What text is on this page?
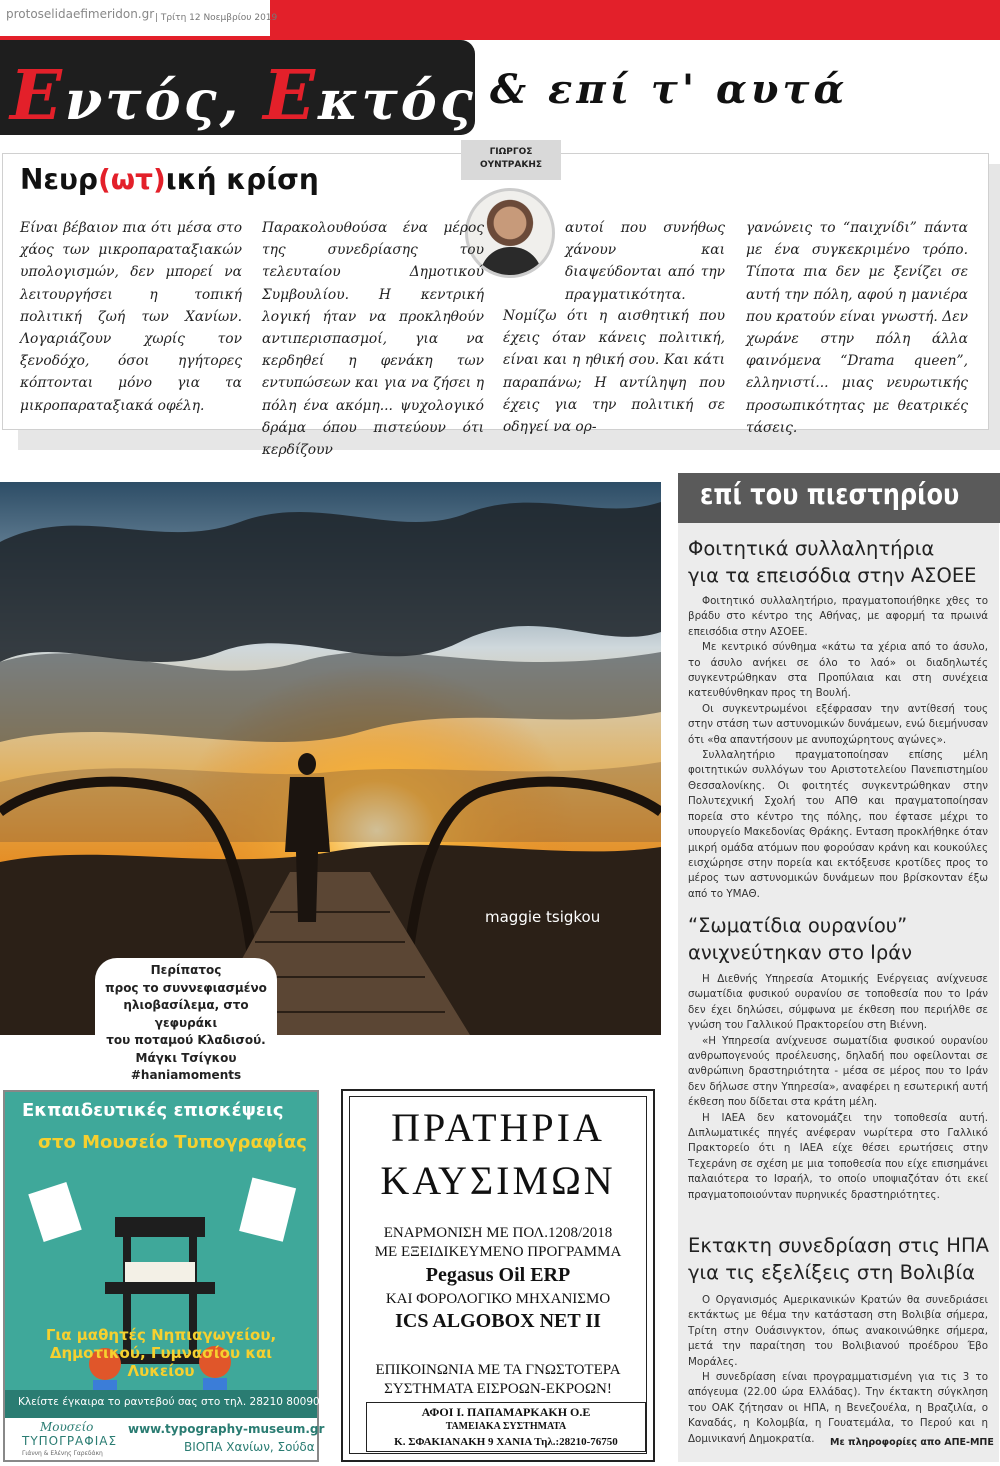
protoselidaefimeridon.gr | Τρίτη 12 Νοεμβρίου 2019
Εντός, Εκτός...
& επί τ' αυτά
Νευρ(ωτ)ική κρίση
ΓΙΩΡΓΟΣ
ΟΥΝΤΡΑΚΗΣ
Είναι βέβαιον πια ότι μέσα στο χάος των μικροπαραταξιακών υπολογισμών, δεν μπορεί να λειτουργήσει η τοπική πολιτική ζωή των Χανίων. Λογαριάζουν χωρίς τον ξενοδόχο, όσοι ηγήτορες κόπτονται μόνο για τα μικροπαραταξιακά οφέλη.
Παρακολουθούσα ένα μέρος της συνεδρίασης του τελευταίου Δημοτικού Συμβουλίου. Η κεντρική λογική ήταν να προκληθούν αντιπερισπασμοί, για να κερδηθεί η φενάκη των εντυπώσεων και για να ζήσει η πόλη ένα ακόμη... ψυχολογικό δράμα όπου πιστεύουν ότι κερδίζουν
αυτοί που συνήθως χάνουν και διαψεύδονται από την πραγματικότητα.
Νομίζω ότι η αισθητική που έχεις όταν κάνεις πολιτική, είναι και η ηθική σου. Και κάτι παραπάνω; Η αντίληψη που έχεις για την πολιτική σε οδηγεί να ορ-
γανώνεις το “παιχνίδι” πάντα με ένα συγκεκριμένο τρόπο. Τίποτα πια δεν με ξενίζει σε αυτή την πόλη, αφού η μανιέρα που κρατούν είναι γνωστή. Δεν χωράνε στην πόλη άλλα φαινόμενα “Drama queen”, ελληνιστί... μιας νευρωτικής προσωπικότητας με θεατρικές τάσεις.
maggie tsigkou
Περίπατος
προς το συννεφιασμένο
ηλιοβασίλεμα, στο γεφυράκι
του ποταμού Κλαδισού.
Μάγκι Τσίγκου
#haniamoments
επί του πιεστηρίου
Φοιτητικά συλλαλητήρια
για τα επεισόδια στην ΑΣΟΕΕ

Φοιτητικό συλλαλητήριο, πραγματοποιήθηκε χθες το βράδυ στο κέντρο της Αθήνας, με αφορμή τα πρωινά επεισόδια στην ΑΣΟΕΕ.

Με κεντρικό σύνθημα «κάτω τα χέρια από το άσυλο, το άσυλο ανήκει σε όλο το λαό» οι διαδηλωτές συγκεντρώθηκαν στα Προπύλαια και στη συνέχεια κατευθύνθηκαν προς τη Βουλή.

Οι συγκεντρωμένοι εξέφρασαν την αντίθεσή τους στην στάση των αστυνομικών δυνάμεων, ενώ διεμήνυσαν ότι «θα απαντήσουν με ανυποχώρητους αγώνες».

Συλλαλητήριο πραγματοποίησαν επίσης μέλη φοιτητικών συλλόγων του Αριστοτελείου Πανεπιστημίου Θεσσαλονίκης. Οι φοιτητές συγκεντρώθηκαν στην Πολυτεχνική Σχολή του ΑΠΘ και πραγματοποίησαν πορεία στο κέντρο της πόλης, που έφτασε μέχρι το υπουργείο Μακεδονίας Θράκης. Ενταση προκλήθηκε όταν μικρή ομάδα ατόμων που φορούσαν κράνη και κουκούλες εισχώρησε στην πορεία και εκτόξευσε κροτίδες προς το μέρος των αστυνομικών δυνάμεων που βρίσκονταν έξω από το ΥΜΑΘ.

“Σωματίδια ουρανίου”
ανιχνεύτηκαν στο Ιράν

Η Διεθνής Υπηρεσία Ατομικής Ενέργειας ανίχνευσε σωματίδια φυσικού ουρανίου σε τοποθεσία που το Ιράν δεν έχει δηλώσει, σύμφωνα με έκθεση που περιήλθε σε γνώση του Γαλλικού Πρακτορείου στη Βιέννη.

«Η Υπηρεσία ανίχνευσε σωματίδια φυσικού ουρανίου ανθρωπογενούς προέλευσης, δηλαδή που οφείλονται σε ανθρώπινη δραστηριότητα - μέσα σε μέρος που το Ιράν δεν δήλωσε στην Υπηρεσία», αναφέρει η εσωτερική αυτή έκθεση που δίδεται στα κράτη μέλη.

Η ΙΑΕΑ δεν κατονομάζει την τοποθεσία αυτή. Διπλωματικές πηγές ανέφεραν νωρίτερα στο Γαλλικό Πρακτορείο ότι η ΙΑΕΑ είχε θέσει ερωτήσεις στην Τεχεράνη σε σχέση με μια τοποθεσία που είχε επισημάνει παλαιότερα το Ισραήλ, το οποίο υποψιαζόταν ότι εκεί πραγματοποιούνταν πυρηνικές δραστηριότητες.

Εκτακτη συνεδρίαση στις ΗΠΑ
για τις εξελίξεις στη Βολιβία

Ο Οργανισμός Αμερικανικών Κρατών θα συνεδριάσει εκτάκτως με θέμα την κατάσταση στη Βολιβία σήμερα, Τρίτη στην Ουάσινγκτον, όπως ανακοινώθηκε σήμερα, μετά την παραίτηση του Βολιβιανού προέδρου Έβο Μοράλες.

Η συνεδρίαση είναι προγραμματισμένη για τις 3 το απόγευμα (22.00 ώρα Ελλάδας). Την έκτακτη σύγκληση του ΟΑΚ ζήτησαν οι ΗΠΑ, η Βενεζουέλα, η Βραζιλία, ο Καναδάς, η Κολομβία, η Γουατεμάλα, το Περού και η Δομινικανή Δημοκρατία.	Με πληροφορίες απο ΑΠΕ-ΜΠΕ
Εκπαιδευτικές επισκέψεις
στο Μουσείο Τυπογραφίας
Για μαθητές Νηπιαγωγείου, Δημοτικού, Γυμνασίου και Λυκείου
Κλείστε έγκαιρα το ραντεβού σας στο τηλ. 28210 80090
Μουσείο
ΤΥΠΟΓΡΑΦΙΑΣ
Γιάννη & Ελένης Γαρεδάκη
www.typography-museum.gr
ΒΙΟΠΑ Χανίων, Σούδα
ΠΡΑΤΗΡΙΑ
ΚΑΥΣΙΜΩΝ
ΕΝΑΡΜΟΝΙΣΗ ΜΕ ΠΟΛ.1208/2018
ΜΕ ΕΞΕΙΔΙΚΕΥΜΕΝΟ ΠΡΟΓΡΑΜΜΑ
Pegasus Oil ERP
ΚΑΙ ΦΟΡΟΛΟΓΙΚΟ ΜΗΧΑΝΙΣΜΟ
ICS ALGOBOX NET II
ΕΠΙΚΟΙΝΩΝΙΑ ΜΕ ΤΑ ΓΝΩΣΤΟΤΕΡΑ
ΣΥΣΤΗΜΑΤΑ ΕΙΣΡΟΩΝ-ΕΚΡΟΩΝ!
ΑΦΟΙ Ι. ΠΑΠΑΜΑΡΚΑΚΗ Ο.Ε
ΤΑΜΕΙΑΚΑ ΣΥΣΤΗΜΑΤΑ
Κ. ΣΦΑΚΙΑΝΑΚΗ 9 ΧΑΝΙΑ Τηλ.:28210-76750
